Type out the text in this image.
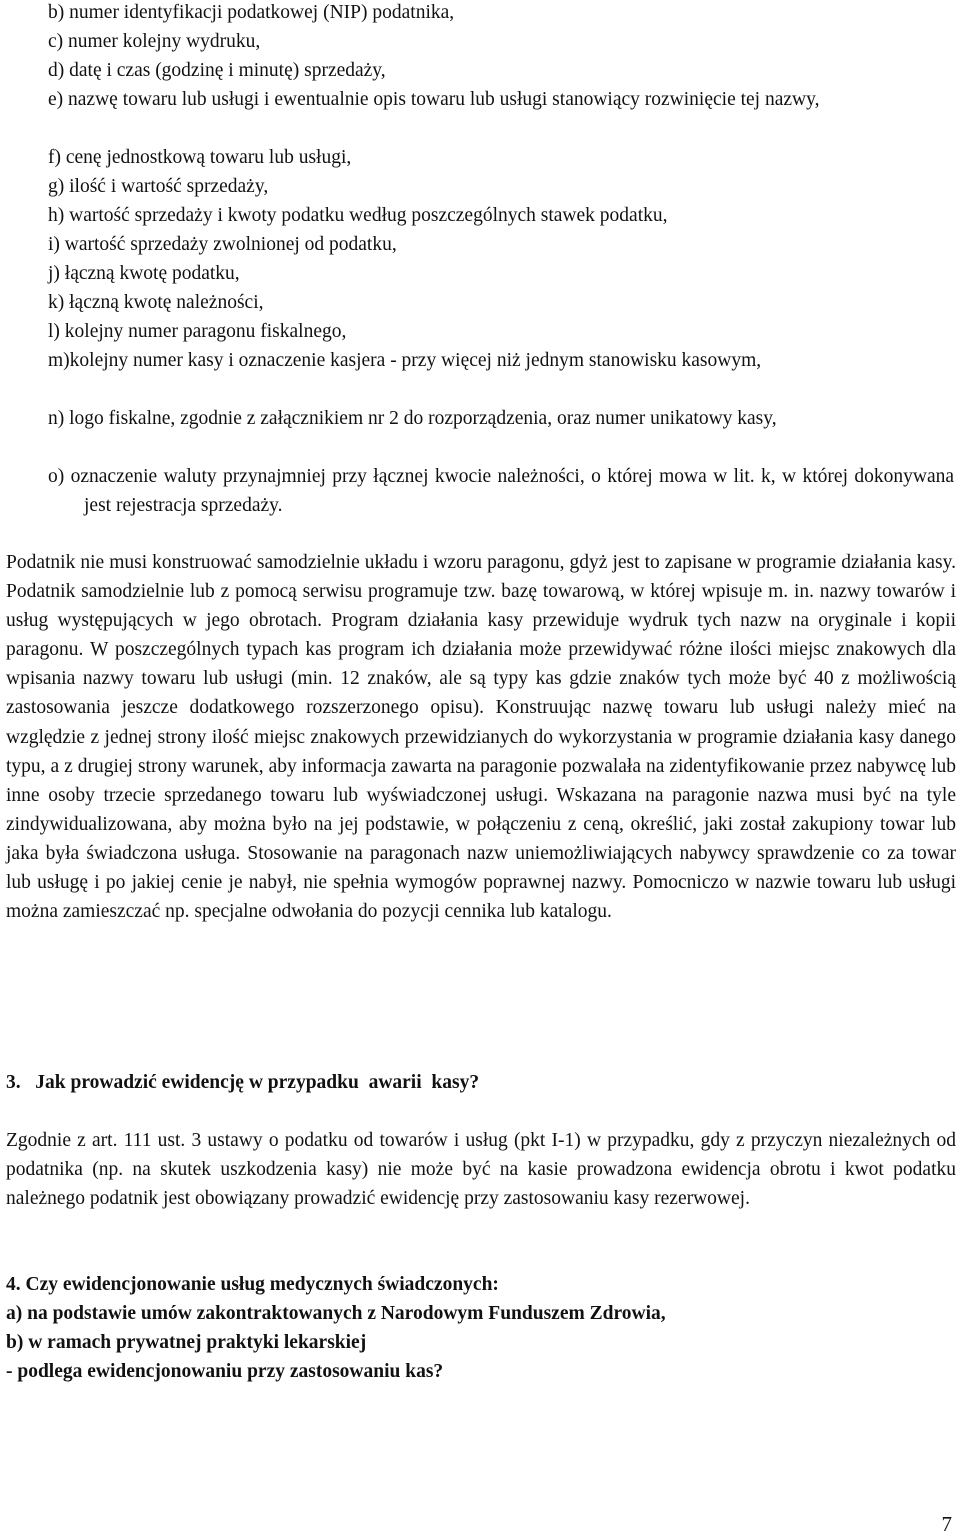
b) numer identyfikacji podatkowej (NIP) podatnika,
c) numer kolejny wydruku,
d) datę i czas (godzinę i minutę) sprzedaży,
e) nazwę towaru lub usługi i ewentualnie opis towaru lub usługi stanowiący rozwinięcie tej nazwy,
f) cenę jednostkową towaru lub usługi,
g) ilość i wartość sprzedaży,
h) wartość sprzedaży i kwoty podatku według poszczególnych stawek podatku,
i) wartość sprzedaży zwolnionej od podatku,
j) łączną kwotę podatku,
k) łączną kwotę należności,
l) kolejny numer paragonu fiskalnego,
m)kolejny numer kasy i oznaczenie kasjera - przy więcej niż jednym stanowisku kasowym,
n) logo fiskalne, zgodnie z załącznikiem nr 2 do rozporządzenia, oraz numer unikatowy kasy,
o) oznaczenie waluty przynajmniej przy łącznej kwocie należności, o której mowa w lit. k, w której dokonywana jest rejestracja sprzedaży.
Podatnik nie musi konstruować samodzielnie układu i wzoru paragonu, gdyż jest to zapisane w programie działania kasy. Podatnik samodzielnie lub z pomocą serwisu programuje tzw. bazę towarową, w której wpisuje m. in. nazwy towarów i usług występujących w jego obrotach. Program działania kasy przewiduje wydruk tych nazw na oryginale i kopii paragonu. W poszczególnych typach kas program ich działania może przewidywać różne ilości miejsc znakowych dla wpisania nazwy towaru lub usługi (min. 12 znaków, ale są typy kas gdzie znaków tych może być 40 z możliwością zastosowania jeszcze dodatkowego rozszerzonego opisu). Konstruując nazwę towaru lub usługi należy mieć na względzie z jednej strony ilość miejsc znakowych przewidzianych do wykorzystania w programie działania kasy danego typu, a z drugiej strony warunek, aby informacja zawarta na paragonie pozwalała na zidentyfikowanie przez nabywcę lub inne osoby trzecie sprzedanego towaru lub wyświadczonej usługi. Wskazana na paragonie nazwa musi być na tyle zindywidualizowana, aby można było na jej podstawie, w połączeniu z ceną, określić, jaki został zakupiony towar lub jaka była świadczona usługa. Stosowanie na paragonach nazw uniemożliwiających nabywcy sprawdzenie co za towar lub usługę i po jakiej cenie je nabył, nie spełnia wymogów poprawnej nazwy. Pomocniczo w nazwie towaru lub usługi można zamieszczać np. specjalne odwołania do pozycji cennika lub katalogu.
3.   Jak prowadzić ewidencję w przypadku  awarii  kasy?
Zgodnie z art. 111 ust. 3 ustawy o podatku od towarów i usług (pkt I-1) w przypadku, gdy z przyczyn niezależnych od podatnika (np. na skutek uszkodzenia kasy) nie może być na kasie prowadzona ewidencja obrotu i kwot podatku należnego podatnik jest obowiązany prowadzić ewidencję przy zastosowaniu kasy rezerwowej.
4. Czy ewidencjonowanie usług medycznych świadczonych:
a) na podstawie umów zakontraktowanych z Narodowym Funduszem Zdrowia,
b) w ramach prywatnej praktyki lekarskiej
- podlega ewidencjonowaniu przy zastosowaniu kas?
7
